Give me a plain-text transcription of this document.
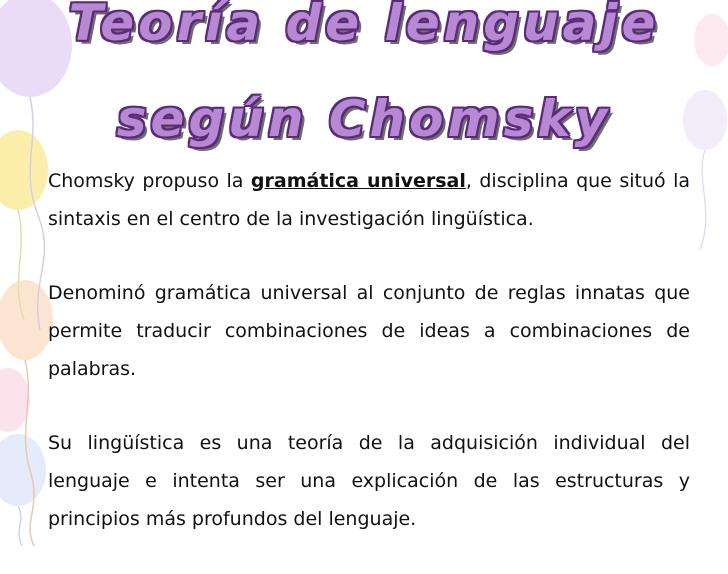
Teoría de lenguaje
según Chomsky

Chomsky propuso la gramática universal, disciplina que situó la sintaxis en el centro de la investigación lingüística.

Denominó gramática universal al conjunto de reglas innatas que permite traducir combinaciones de ideas a combinaciones de palabras.

Su lingüística es una teoría de la adquisición individual del lenguaje e intenta ser una explicación de las estructuras y principios más profundos del lenguaje.
